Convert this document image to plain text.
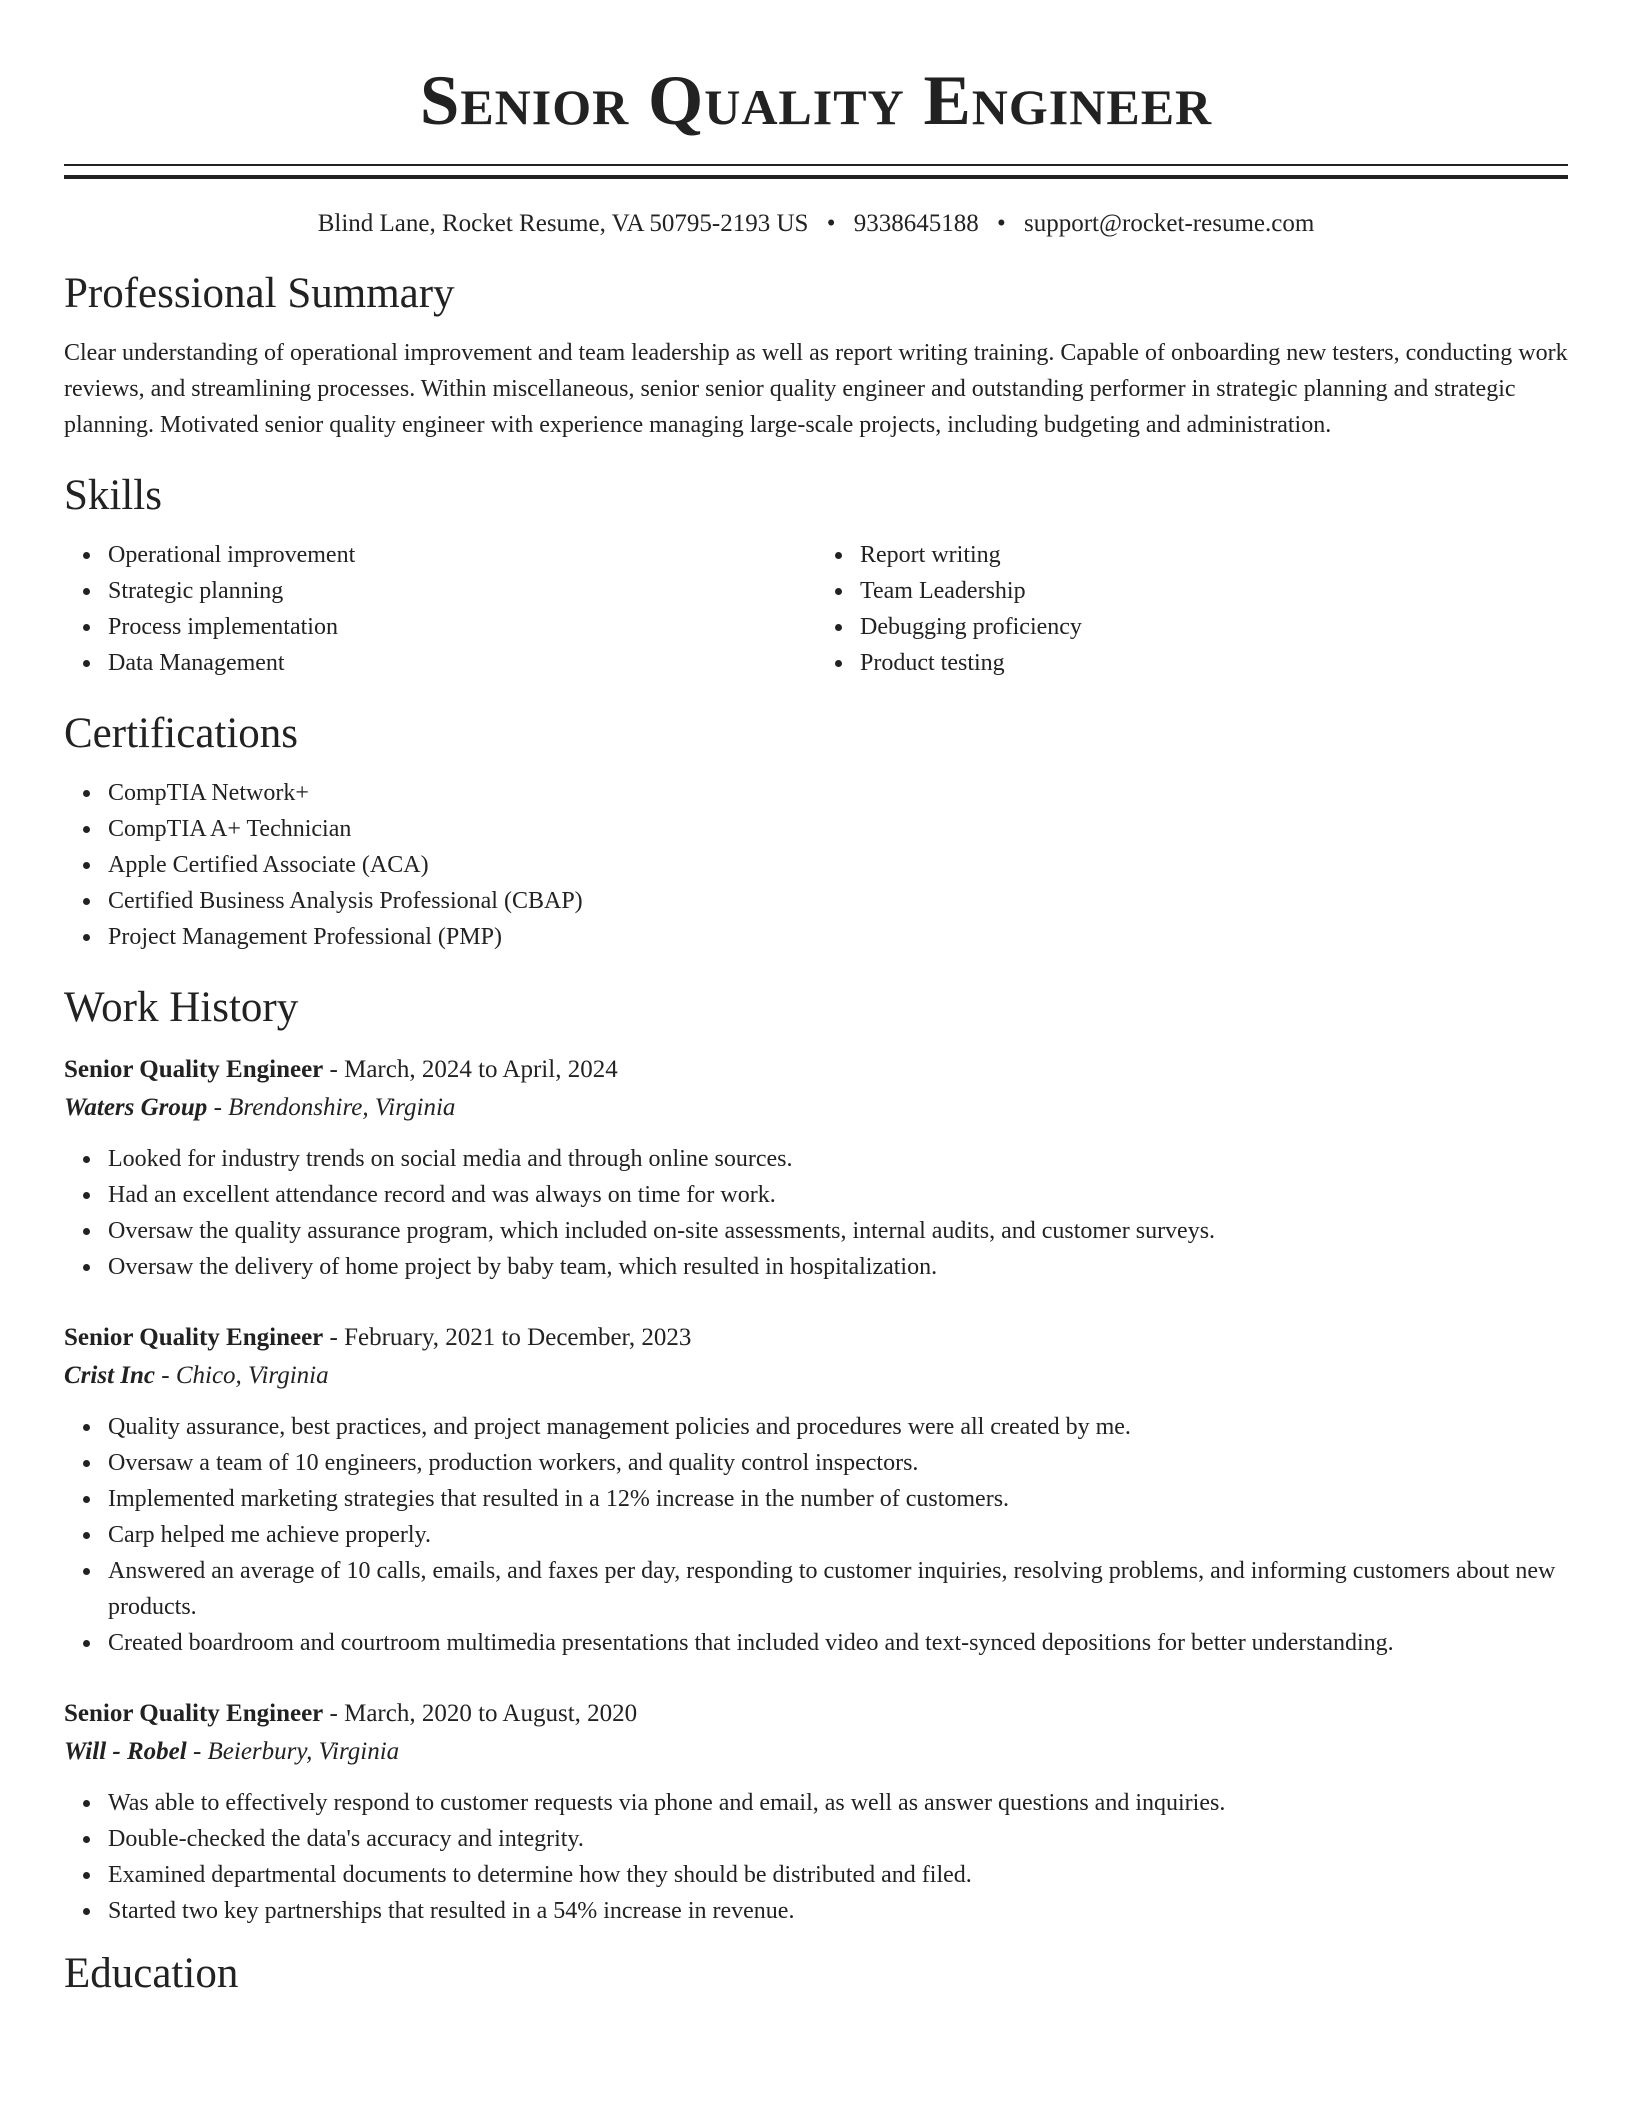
Senior Quality Engineer
Blind Lane, Rocket Resume, VA 50795-2193 US • 9338645188 • support@rocket-resume.com
Professional Summary

Clear understanding of operational improvement and team leadership as well as report writing training. Capable of onboarding new testers, conducting work reviews, and streamlining processes. Within miscellaneous, senior senior quality engineer and outstanding performer in strategic planning and strategic planning. Motivated senior quality engineer with experience managing large-scale projects, including budgeting and administration.

Skills
Operational improvement
Strategic planning
Process implementation
Data Management
Report writing
Team Leadership
Debugging proficiency
Product testing
Certifications
CompTIA Network+
CompTIA A+ Technician
Apple Certified Associate (ACA)
Certified Business Analysis Professional (CBAP)
Project Management Professional (PMP)
Work History
Senior Quality Engineer - March, 2024 to April, 2024
Waters Group - Brendonshire, Virginia
Looked for industry trends on social media and through online sources.
Had an excellent attendance record and was always on time for work.
Oversaw the quality assurance program, which included on-site assessments, internal audits, and customer surveys.
Oversaw the delivery of home project by baby team, which resulted in hospitalization.
Senior Quality Engineer - February, 2021 to December, 2023
Crist Inc - Chico, Virginia
Quality assurance, best practices, and project management policies and procedures were all created by me.
Oversaw a team of 10 engineers, production workers, and quality control inspectors.
Implemented marketing strategies that resulted in a 12% increase in the number of customers.
Carp helped me achieve properly.
Answered an average of 10 calls, emails, and faxes per day, responding to customer inquiries, resolving problems, and informing customers about new products.
Created boardroom and courtroom multimedia presentations that included video and text-synced depositions for better understanding.
Senior Quality Engineer - March, 2020 to August, 2020
Will - Robel - Beierbury, Virginia
Was able to effectively respond to customer requests via phone and email, as well as answer questions and inquiries.
Double-checked the data's accuracy and integrity.
Examined departmental documents to determine how they should be distributed and filed.
Started two key partnerships that resulted in a 54% increase in revenue.
Education
